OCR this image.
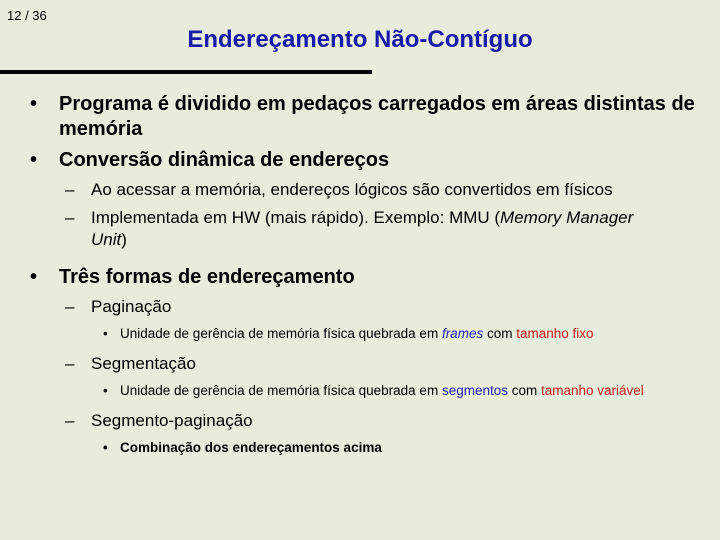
12 / 36
Endereçamento Não-Contíguo
• Programa é dividido em pedaços carregados em áreas distintas de memória
• Conversão dinâmica de endereços
– Ao acessar a memória, endereços lógicos são convertidos em físicos
– Implementada em HW (mais rápido). Exemplo: MMU (Memory Manager Unit)
• Três formas de endereçamento
– Paginação
• Unidade de gerência de memória física quebrada em frames com tamanho fixo
– Segmentação
• Unidade de gerência de memória física quebrada em segmentos com tamanho variável
– Segmento-paginação
• Combinação dos endereçamentos acima
